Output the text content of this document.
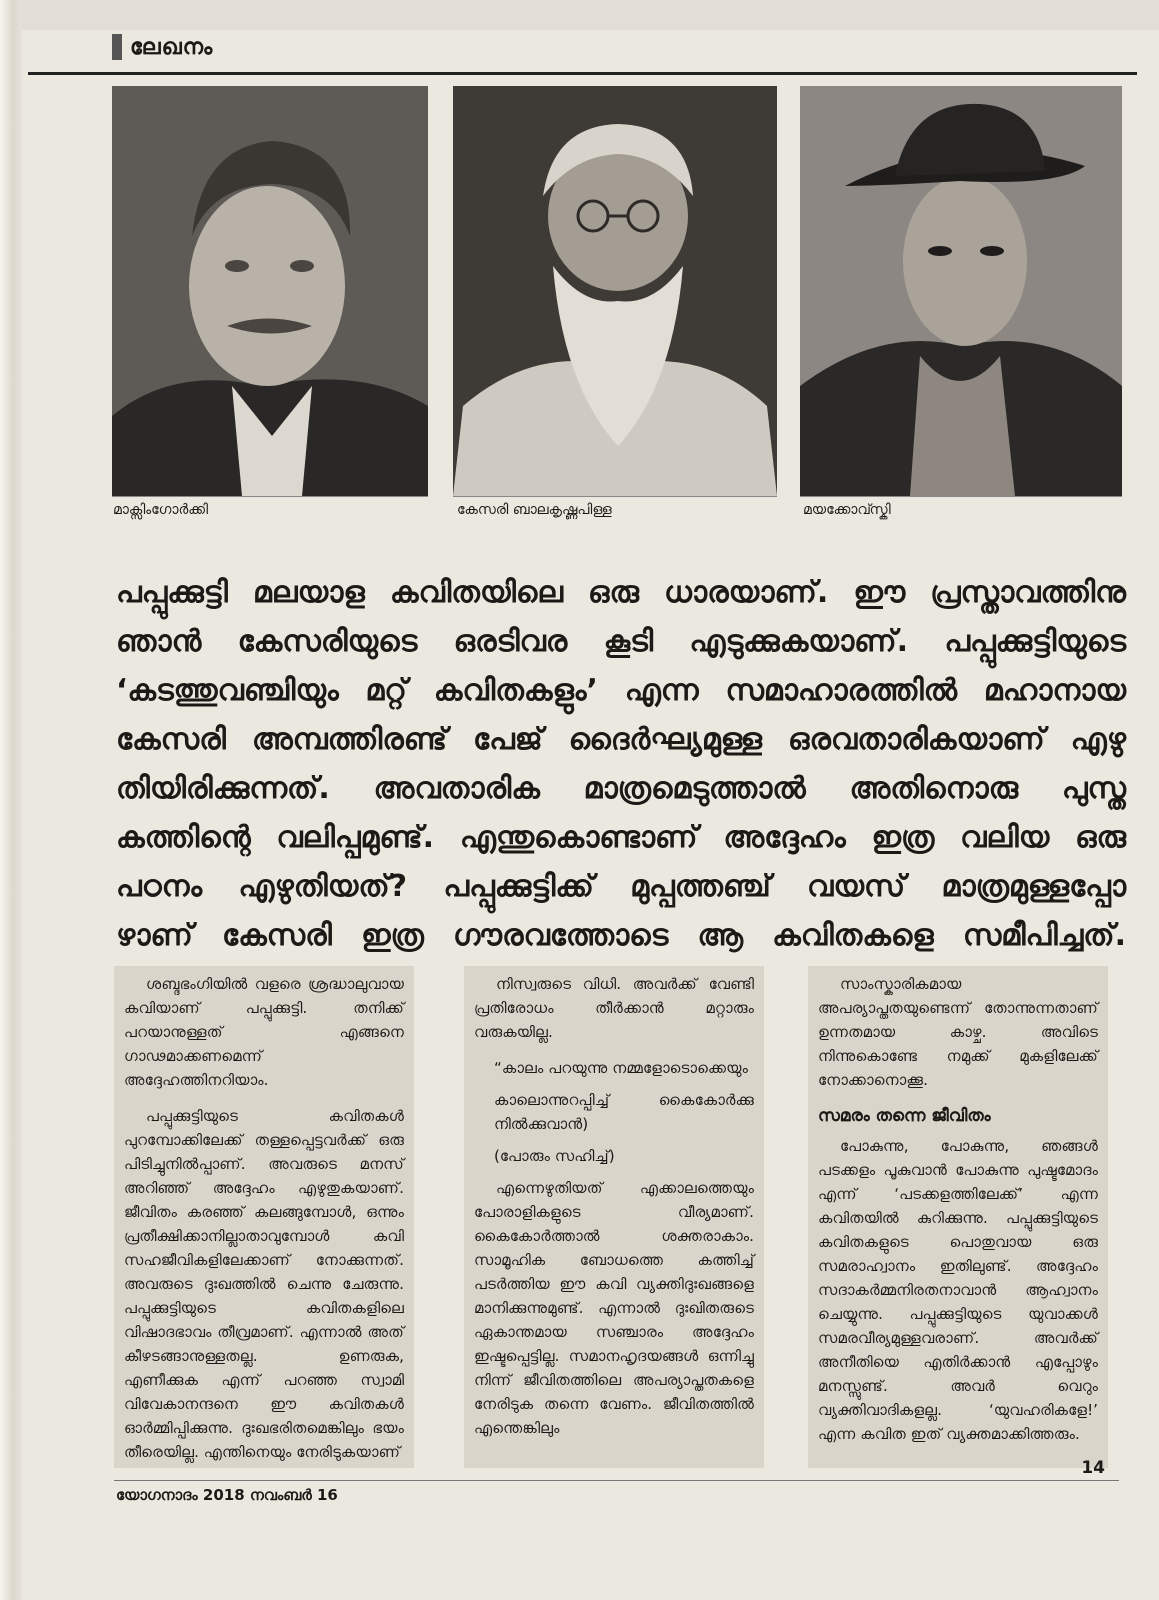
ലേഖനം
മാക്സിംഗോർക്കി	കേസരി ബാലകൃഷ്ണപിള്ള	മയക്കോവ്സ്കി
പപ്പുക്കുട്ടി മലയാള കവിതയിലെ ഒരു ധാരയാണ്. ഈ പ്രസ്താവത്തിനു
ഞാൻ കേസരിയുടെ ഒരടിവര കൂടി എടുക്കുകയാണ്. പപ്പുക്കുട്ടിയുടെ
‘കടത്തുവഞ്ചിയും മറ്റ് കവിതകളും’ എന്ന സമാഹാരത്തിൽ മഹാനായ
കേസരി അമ്പത്തിരണ്ട് പേജ് ദൈർഘ്യമുള്ള ഒരവതാരികയാണ് എഴു
തിയിരിക്കുന്നത്. അവതാരിക മാത്രമെടുത്താൽ അതിനൊരു പുസ്ത
കത്തിന്റെ വലിപ്പമുണ്ട്. എന്തുകൊണ്ടാണ് അദ്ദേഹം ഇത്ര വലിയ ഒരു
പഠനം എഴുതിയത്? പപ്പുക്കുട്ടിക്ക് മുപ്പത്തഞ്ച് വയസ് മാത്രമുള്ളപ്പോ
ഴാണ് കേസരി ഇത്ര ഗൗരവത്തോടെ ആ കവിതകളെ സമീപിച്ചത്.

ശബ്ദഭംഗിയിൽ വളരെ ശ്രദ്ധാലുവായ കവിയാണ് പപ്പുക്കുട്ടി. തനിക്ക് പറയാനുള്ളത് എങ്ങനെ ഗാഢമാക്കണമെന്ന് അദ്ദേഹത്തിനറിയാം.

പപ്പുക്കുട്ടിയുടെ കവിതകൾ പുറമ്പോക്കിലേക്ക് തള്ളപ്പെട്ടവർക്ക് ഒരു പിടിച്ചുനിൽപ്പാണ്. അവരുടെ മനസ് അറിഞ്ഞ് അദ്ദേഹം എഴുതുകയാണ്. ജീവിതം കരഞ്ഞ് കലങ്ങുമ്പോൾ, ഒന്നും പ്രതീക്ഷിക്കാനില്ലാതാവുമ്പോൾ കവി സഹജീവികളിലേക്കാണ് നോക്കുന്നത്. അവരുടെ ദുഃഖത്തിൽ ചെന്നു ചേരുന്നു. പപ്പുക്കുട്ടിയുടെ കവിതകളിലെ വിഷാദഭാവം തീവ്രമാണ്. എന്നാൽ അത് കീഴടങ്ങാനുള്ളതല്ല. ഉണരുക, എണീക്കുക എന്ന് പറഞ്ഞ സ്വാമി വിവേകാനന്ദനെ ഈ കവിതകൾ ഓർമ്മിപ്പിക്കുന്നു. ദുഃഖഭരിതമെങ്കിലും ഭയം തീരെയില്ല. എന്തിനെയും നേരിടുകയാണ്

നിസ്വരുടെ വിധി. അവർക്ക് വേണ്ടി പ്രതിരോധം തീർക്കാൻ മറ്റാരും വരുകയില്ല.

“കാലം പറയുന്നു നമ്മളോടൊക്കെയും

കാലൊന്നുറപ്പിച്ച് കൈകോർക്കു നിൽക്കുവാൻ)

(പോരും സഹിച്ച്)

എന്നെഴുതിയത് എക്കാലത്തെയും പോരാളികളുടെ വീര്യമാണ്. കൈകോർത്താൽ ശക്തരാകാം. സാമൂഹിക ബോധത്തെ കത്തിച്ച് പടർത്തിയ ഈ കവി വ്യക്തിദുഃഖങ്ങളെ മാനിക്കുന്നുമുണ്ട്. എന്നാൽ ദുഃഖിതരുടെ ഏകാന്തമായ സഞ്ചാരം അദ്ദേഹം ഇഷ്ടപ്പെട്ടില്ല. സമാനഹൃദയങ്ങൾ ഒന്നിച്ചു നിന്ന് ജീവിതത്തിലെ അപര്യാപ്തതകളെ നേരിടുക തന്നെ വേണം. ജീവിതത്തിൽ എന്തെങ്കിലും

സാംസ്കാരികമായ അപര്യാപ്തതയുണ്ടെന്ന് തോന്നുന്നതാണ് ഉന്നതമായ കാഴ്ച. അവിടെ നിന്നുകൊണ്ടേ നമുക്ക് മുകളിലേക്ക് നോക്കാനൊക്കൂ.

സമരം തന്നെ ജീവിതം

പോകുന്നു, പോകുന്നു, ഞങ്ങൾ പടക്കളം പൂകുവാൻ പോകുന്നു പുഷ്ടമോദം എന്ന് ‘പടക്കളത്തിലേക്ക്’ എന്ന കവിതയിൽ കുറിക്കുന്നു. പപ്പുക്കുട്ടിയുടെ കവിതകളുടെ പൊതുവായ ഒരു സമരാഹ്വാനം ഇതിലുണ്ട്. അദ്ദേഹം സദാകർമ്മനിരതനാവാൻ ആഹ്വാനം ചെയ്യുന്നു. പപ്പുക്കുട്ടിയുടെ യുവാക്കൾ സമരവീര്യമുള്ളവരാണ്. അവർക്ക് അനീതിയെ എതിർക്കാൻ എപ്പോഴും മനസ്സുണ്ട്. അവർ വെറും വ്യക്തിവാദികളല്ല. ‘യുവഹരികളേ!’ എന്ന കവിത ഇത് വ്യക്തമാക്കിത്തരും.

യോഗനാദം 2018 നവംബർ 16
14
